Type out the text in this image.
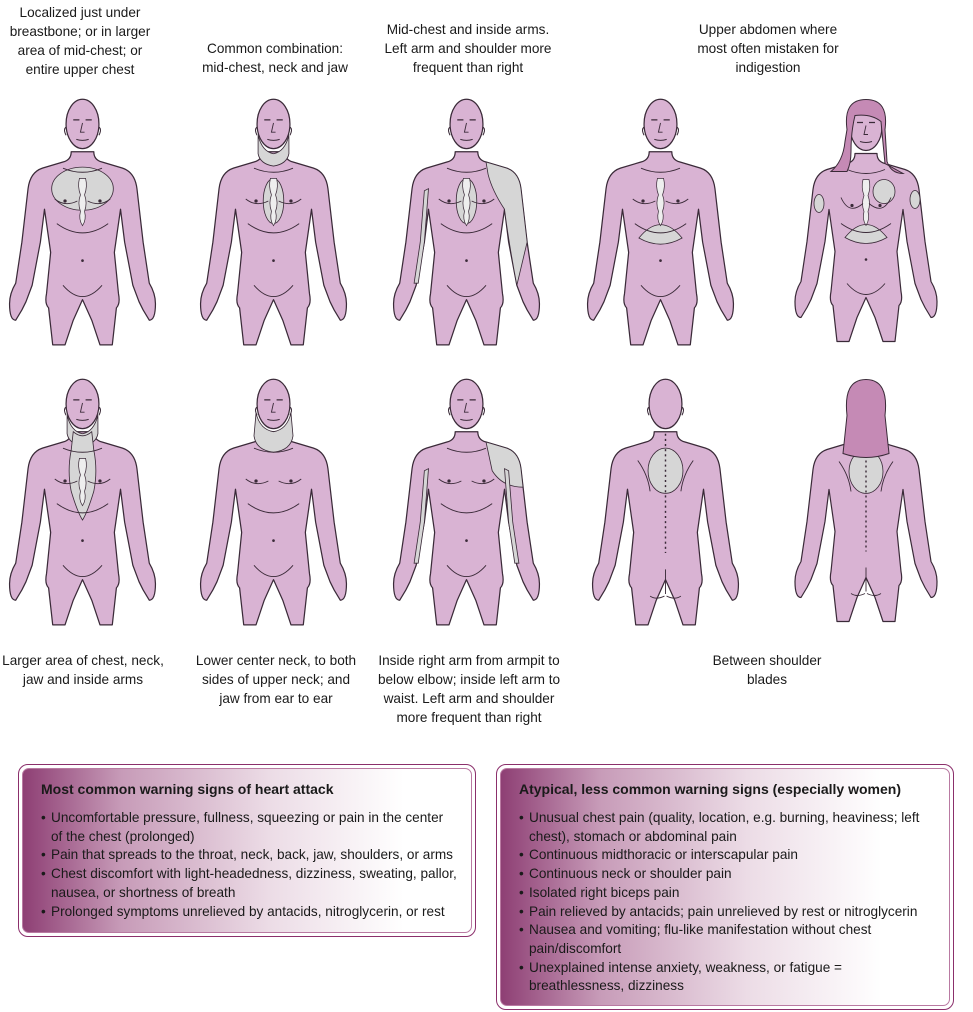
Localized just under
breastbone; or in larger
area of mid-chest; or
entire upper chest
Common combination:
mid-chest, neck and jaw
Mid-chest and inside arms.
Left arm and shoulder more
frequent than right
Upper abdomen where
most often mistaken for
indigestion
Larger area of chest, neck,
jaw and inside arms
Lower center neck, to both
sides of upper neck; and
jaw from ear to ear
Inside right arm from armpit to
below elbow; inside left arm to
waist. Left arm and shoulder
more frequent than right
Between shoulder
blades
Most common warning signs of heart attack
• Uncomfortable pressure, fullness, squeezing or pain in the center of the chest (prolonged)
• Pain that spreads to the throat, neck, back, jaw, shoulders, or arms
• Chest discomfort with light-headedness, dizziness, sweating, pallor, nausea, or shortness of breath
• Prolonged symptoms unrelieved by antacids, nitroglycerin, or rest
Atypical, less common warning signs (especially women)
• Unusual chest pain (quality, location, e.g. burning, heaviness; left chest), stomach or abdominal pain
• Continuous midthoracic or interscapular pain
• Continuous neck or shoulder pain
• Isolated right biceps pain
• Pain relieved by antacids; pain unrelieved by rest or nitroglycerin
• Nausea and vomiting; flu-like manifestation without chest pain/discomfort
• Unexplained intense anxiety, weakness, or fatigue = breathlessness, dizziness
